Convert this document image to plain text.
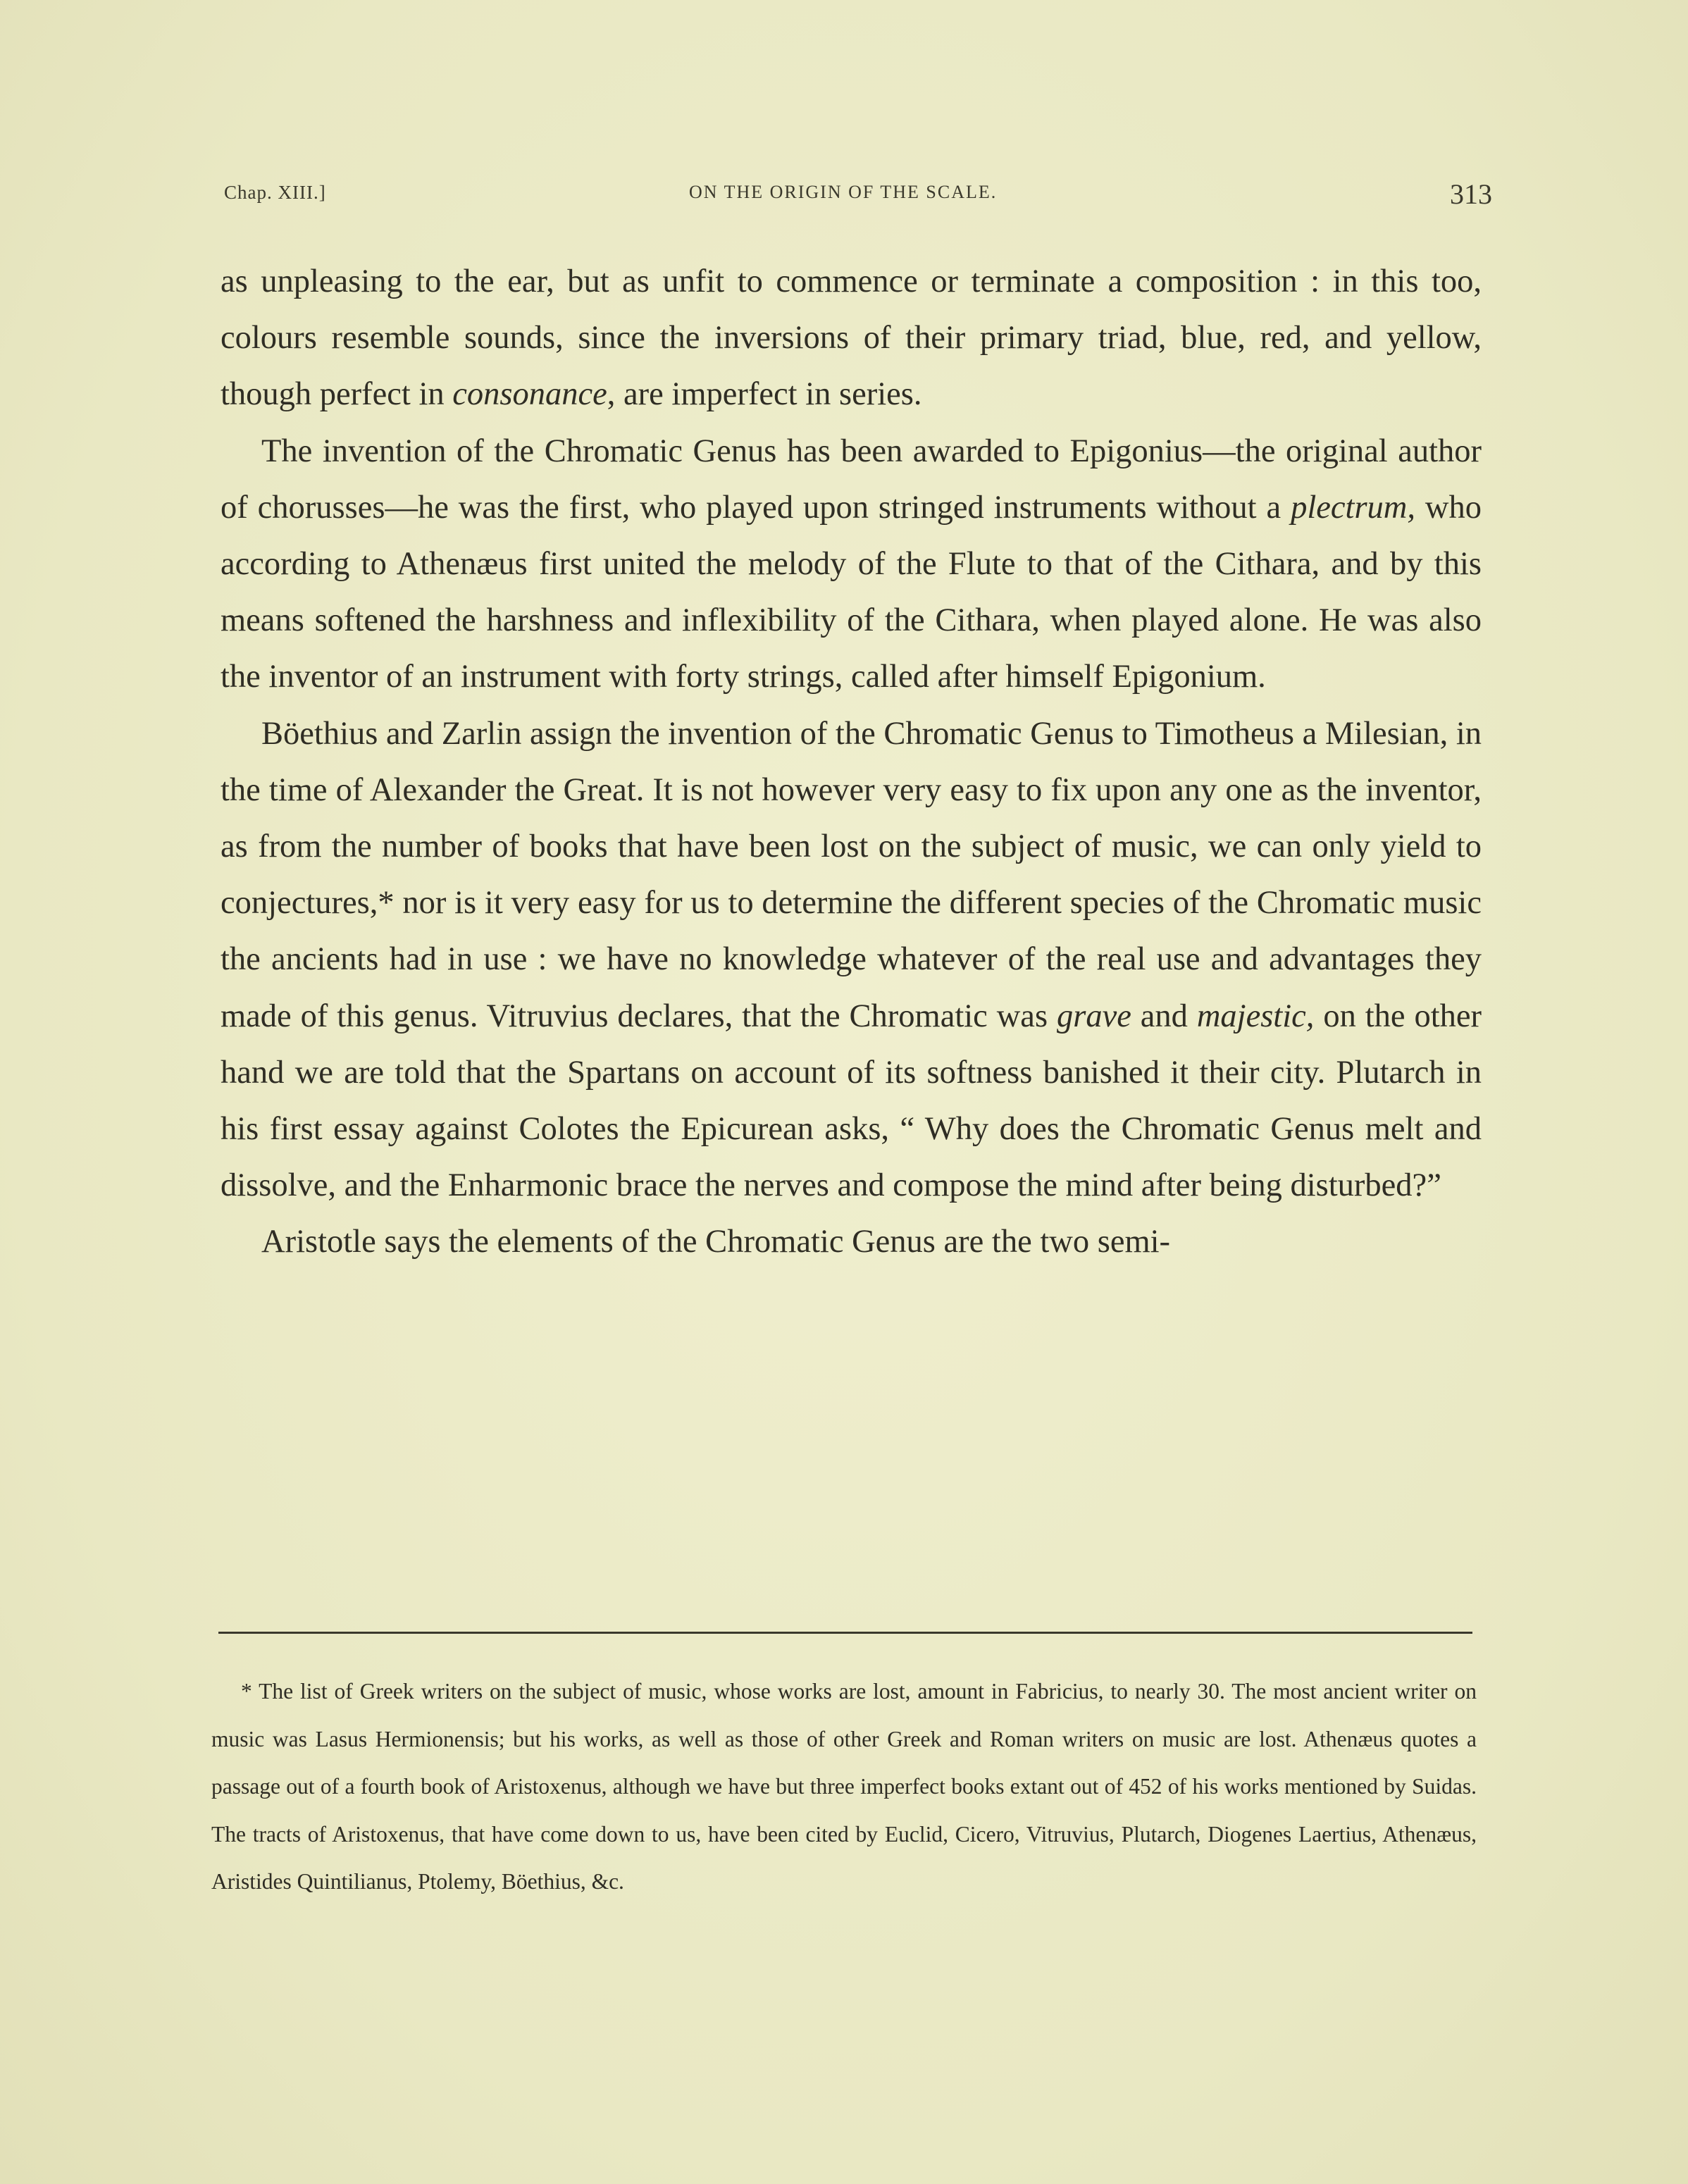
Chap. XIII.]	ON THE ORIGIN OF THE SCALE.	313

as unpleasing to the ear, but as unfit to commence or terminate a composition : in this too, colours resemble sounds, since the inversions of their primary triad, blue, red, and yellow, though perfect in consonance, are imperfect in series.

The invention of the Chromatic Genus has been awarded to Epigonius—the original author of chorusses—he was the first, who played upon stringed instruments without a plectrum, who according to Athenæus first united the melody of the Flute to that of the Cithara, and by this means softened the harshness and inflexibility of the Cithara, when played alone. He was also the inventor of an instrument with forty strings, called after himself Epigonium.

Böethius and Zarlin assign the invention of the Chromatic Genus to Timotheus a Milesian, in the time of Alexander the Great. It is not however very easy to fix upon any one as the inventor, as from the number of books that have been lost on the subject of music, we can only yield to conjectures,* nor is it very easy for us to determine the different species of the Chromatic music the ancients had in use : we have no knowledge whatever of the real use and advantages they made of this genus. Vitruvius declares, that the Chromatic was grave and majestic, on the other hand we are told that the Spartans on account of its softness banished it their city. Plutarch in his first essay against Colotes the Epicurean asks, “ Why does the Chromatic Genus melt and dissolve, and the Enharmonic brace the nerves and compose the mind after being disturbed?”

Aristotle says the elements of the Chromatic Genus are the two semi-

* The list of Greek writers on the subject of music, whose works are lost, amount in Fabricius, to nearly 30. The most ancient writer on music was Lasus Hermionensis; but his works, as well as those of other Greek and Roman writers on music are lost. Athenæus quotes a passage out of a fourth book of Aristoxenus, although we have but three imperfect books extant out of 452 of his works mentioned by Suidas. The tracts of Aristoxenus, that have come down to us, have been cited by Euclid, Cicero, Vitruvius, Plutarch, Diogenes Laertius, Athenæus, Aristides Quintilianus, Ptolemy, Böethius, &c.
